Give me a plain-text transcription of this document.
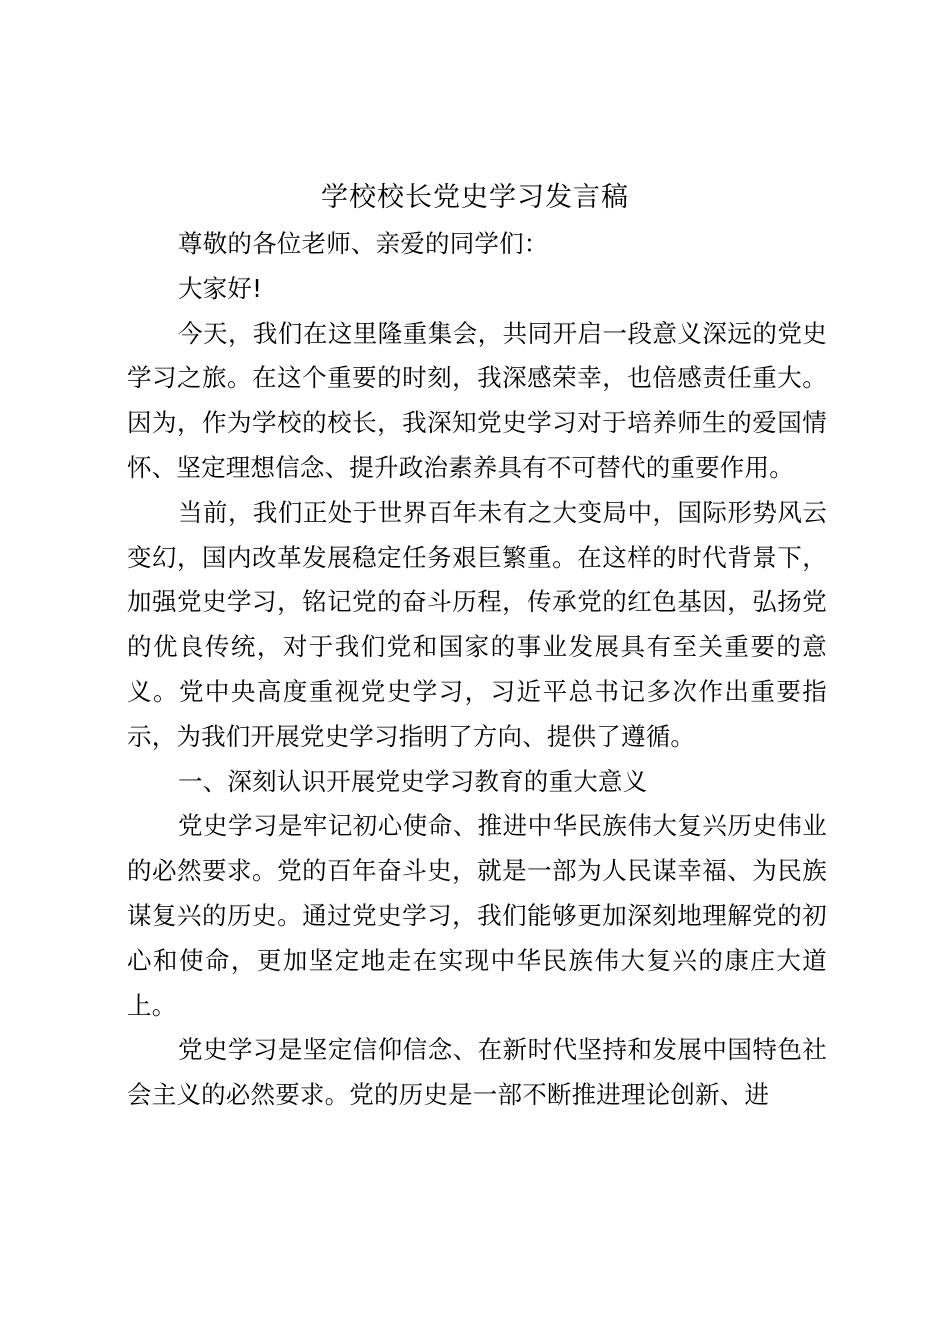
学校校长党史学习发言稿

尊敬的各位老师、亲爱的同学们：

大家好!

今天，我们在这里隆重集会，共同开启一段意义深远的党史学习之旅。在这个重要的时刻，我深感荣幸，也倍感责任重大。因为，作为学校的校长，我深知党史学习对于培养师生的爱国情怀、坚定理想信念、提升政治素养具有不可替代的重要作用。

当前，我们正处于世界百年未有之大变局中，国际形势风云变幻，国内改革发展稳定任务艰巨繁重。在这样的时代背景下，加强党史学习，铭记党的奋斗历程，传承党的红色基因，弘扬党的优良传统，对于我们党和国家的事业发展具有至关重要的意义。党中央高度重视党史学习，习近平总书记多次作出重要指示，为我们开展党史学习指明了方向、提供了遵循。

一、深刻认识开展党史学习教育的重大意义

党史学习是牢记初心使命、推进中华民族伟大复兴历史伟业的必然要求。党的百年奋斗史，就是一部为人民谋幸福、为民族谋复兴的历史。通过党史学习，我们能够更加深刻地理解党的初心和使命，更加坚定地走在实现中华民族伟大复兴的康庄大道上。

党史学习是坚定信仰信念、在新时代坚持和发展中国特色社会主义的必然要求。党的历史是一部不断推进理论创新、进
